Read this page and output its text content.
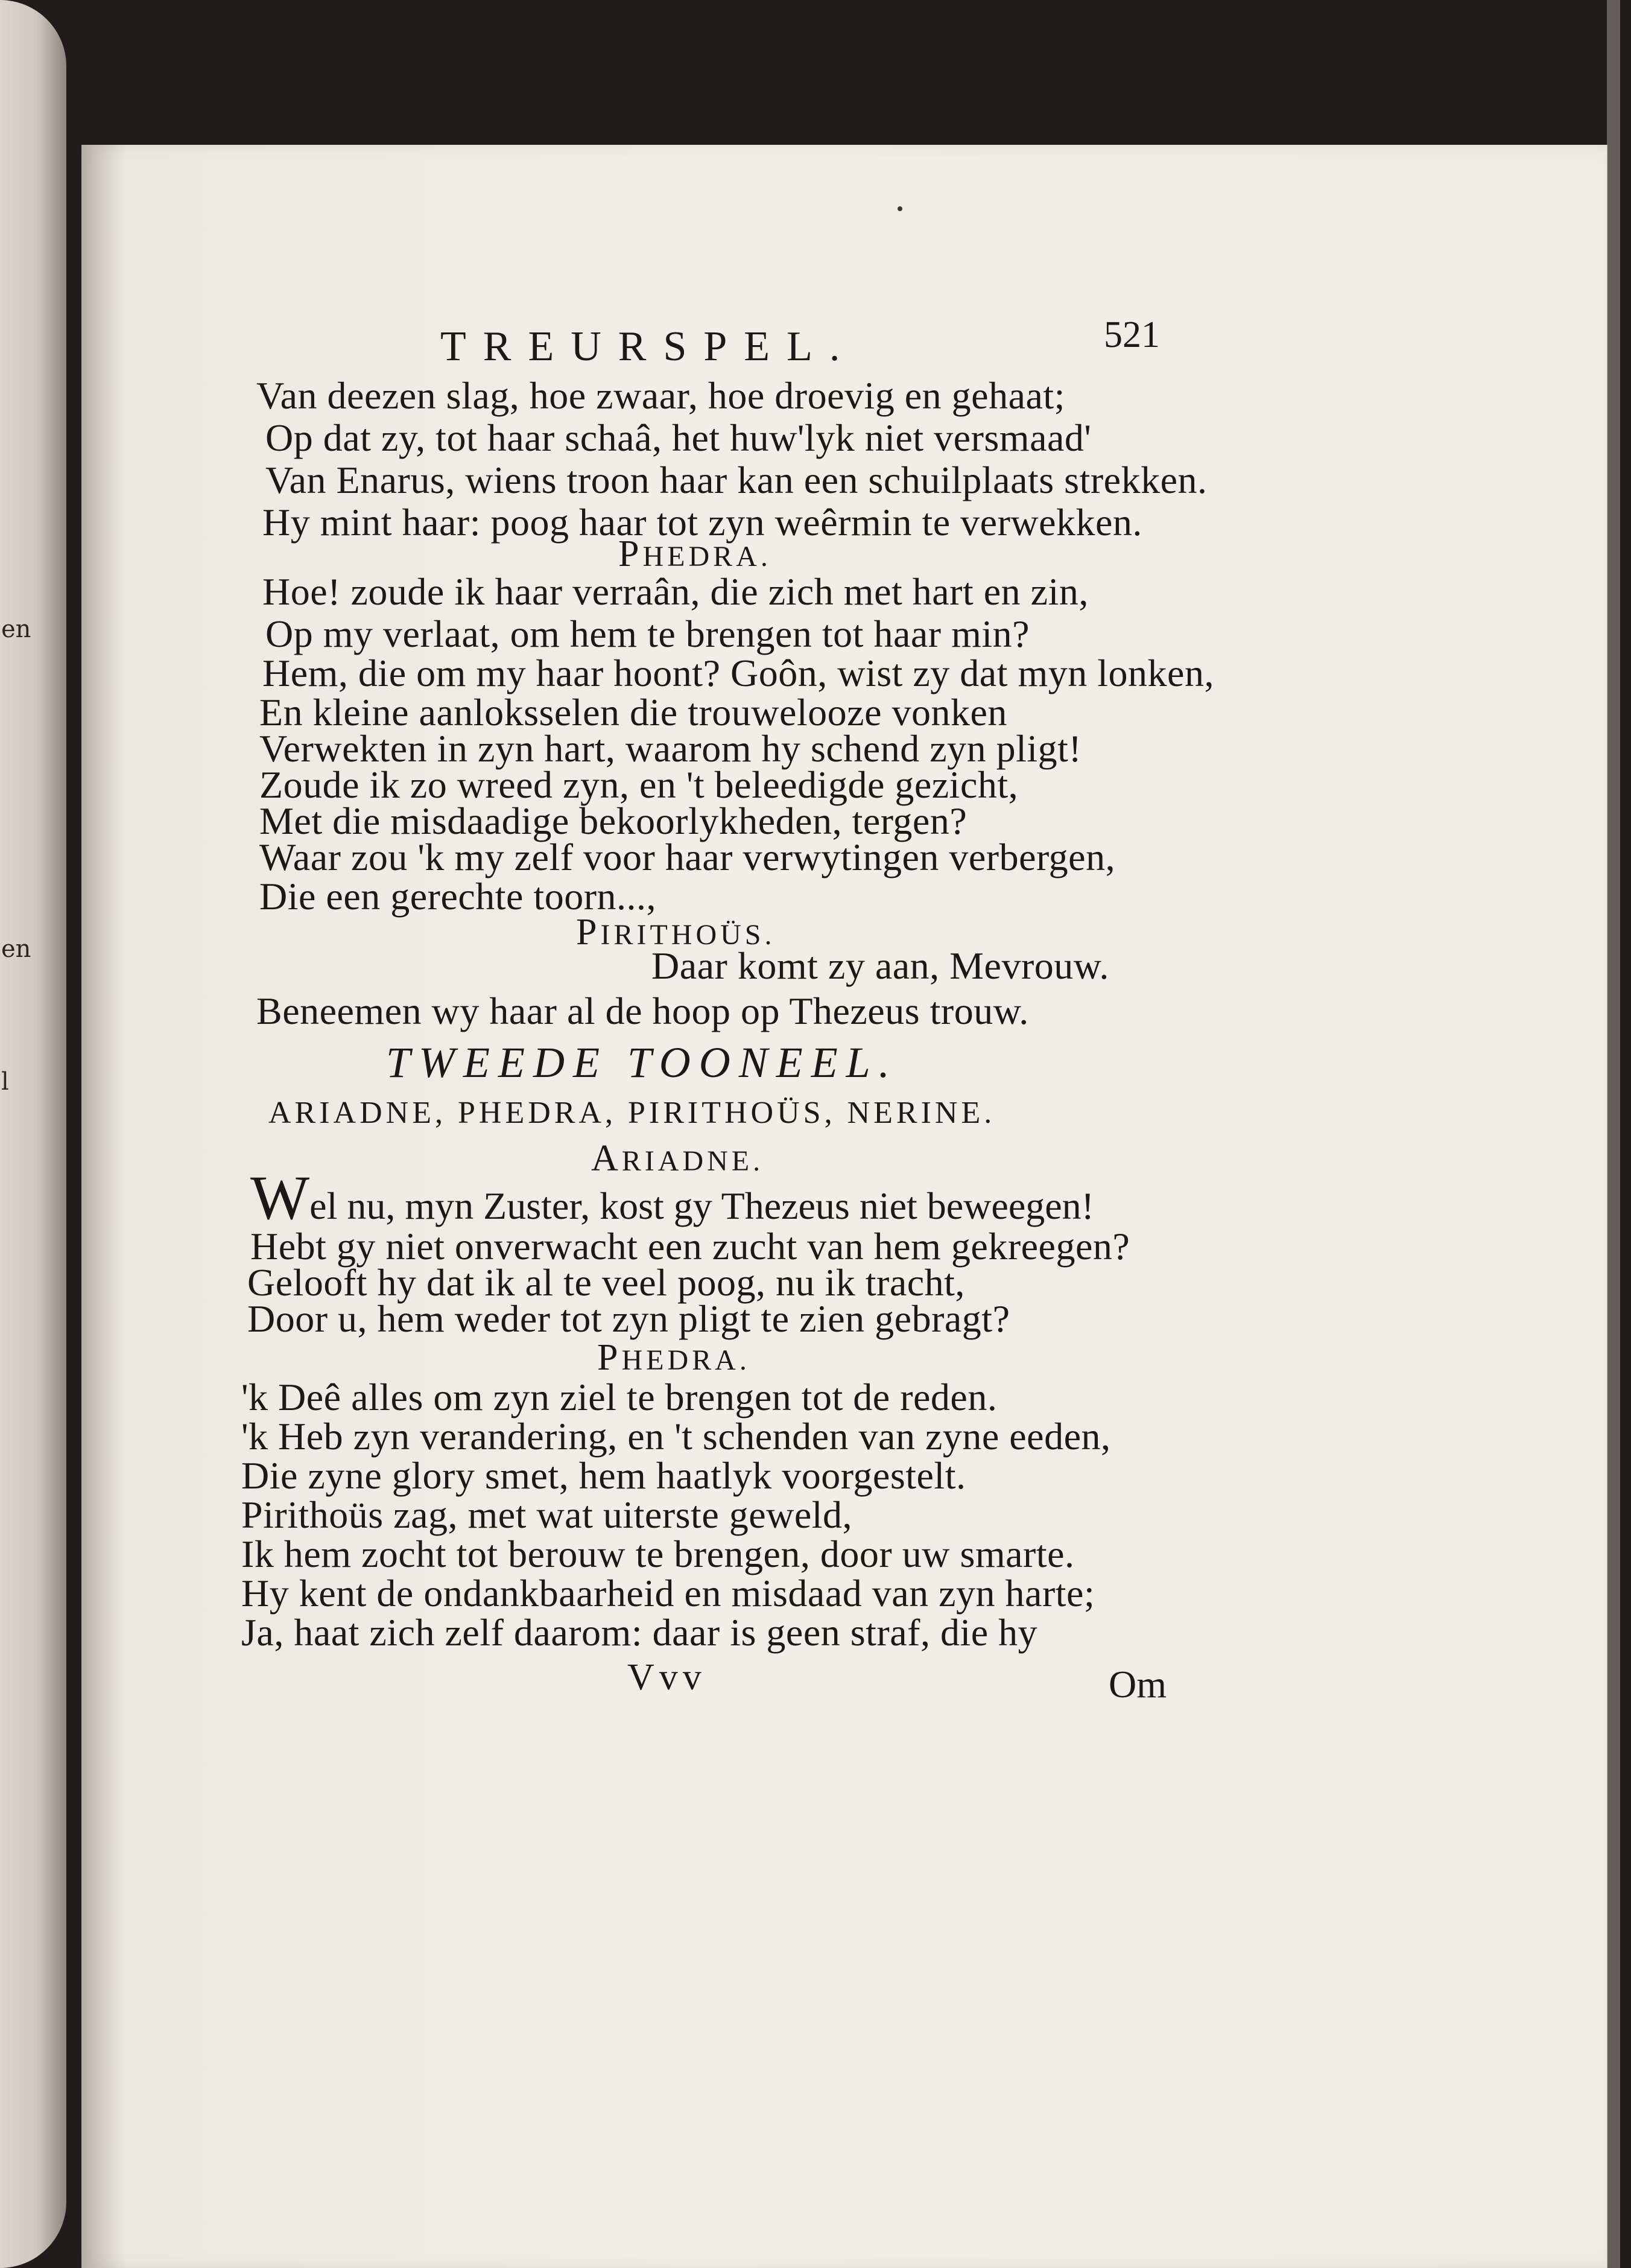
en
en
l
TREURSPEL.	521
Van deezen slag, hoe zwaar, hoe droevig en gehaat;
Op dat zy, tot haar schaâ, het huw'lyk niet versmaad'
Van Enarus, wiens troon haar kan een schuilplaats strekken.
Hy mint haar: poog haar tot zyn weêrmin te verwekken.
PHEDRA.
Hoe! zoude ik haar verraân, die zich met hart en zin,
Op my verlaat, om hem te brengen tot haar min?
Hem, die om my haar hoont? Goôn, wist zy dat myn lonken,
En kleine aanloksselen die trouwelooze vonken
Verwekten in zyn hart, waarom hy schend zyn pligt!
Zoude ik zo wreed zyn, en 't beleedigde gezicht,
Met die misdaadige bekoorlykheden, tergen?
Waar zou 'k my zelf voor haar verwytingen verbergen,
Die een gerechte toorn...,
PIRITHOÜS.
Daar komt zy aan, Mevrouw.
Beneemen wy haar al de hoop op Thezeus trouw.
TWEEDE TOONEEL.
ARIADNE, PHEDRA, PIRITHOÜS, NERINE.
ARIADNE.
Wel nu, myn Zuster, kost gy Thezeus niet beweegen!
Hebt gy niet onverwacht een zucht van hem gekreegen?
Gelooft hy dat ik al te veel poog, nu ik tracht,
Door u, hem weder tot zyn pligt te zien gebragt?
PHEDRA.
'k Deê alles om zyn ziel te brengen tot de reden.
'k Heb zyn verandering, en 't schenden van zyne eeden,
Die zyne glory smet, hem haatlyk voorgestelt.
Pirithoüs zag, met wat uiterste geweld,
Ik hem zocht tot berouw te brengen, door uw smarte.
Hy kent de ondankbaarheid en misdaad van zyn harte;
Ja, haat zich zelf daarom: daar is geen straf, die hy
Vvv	Om
